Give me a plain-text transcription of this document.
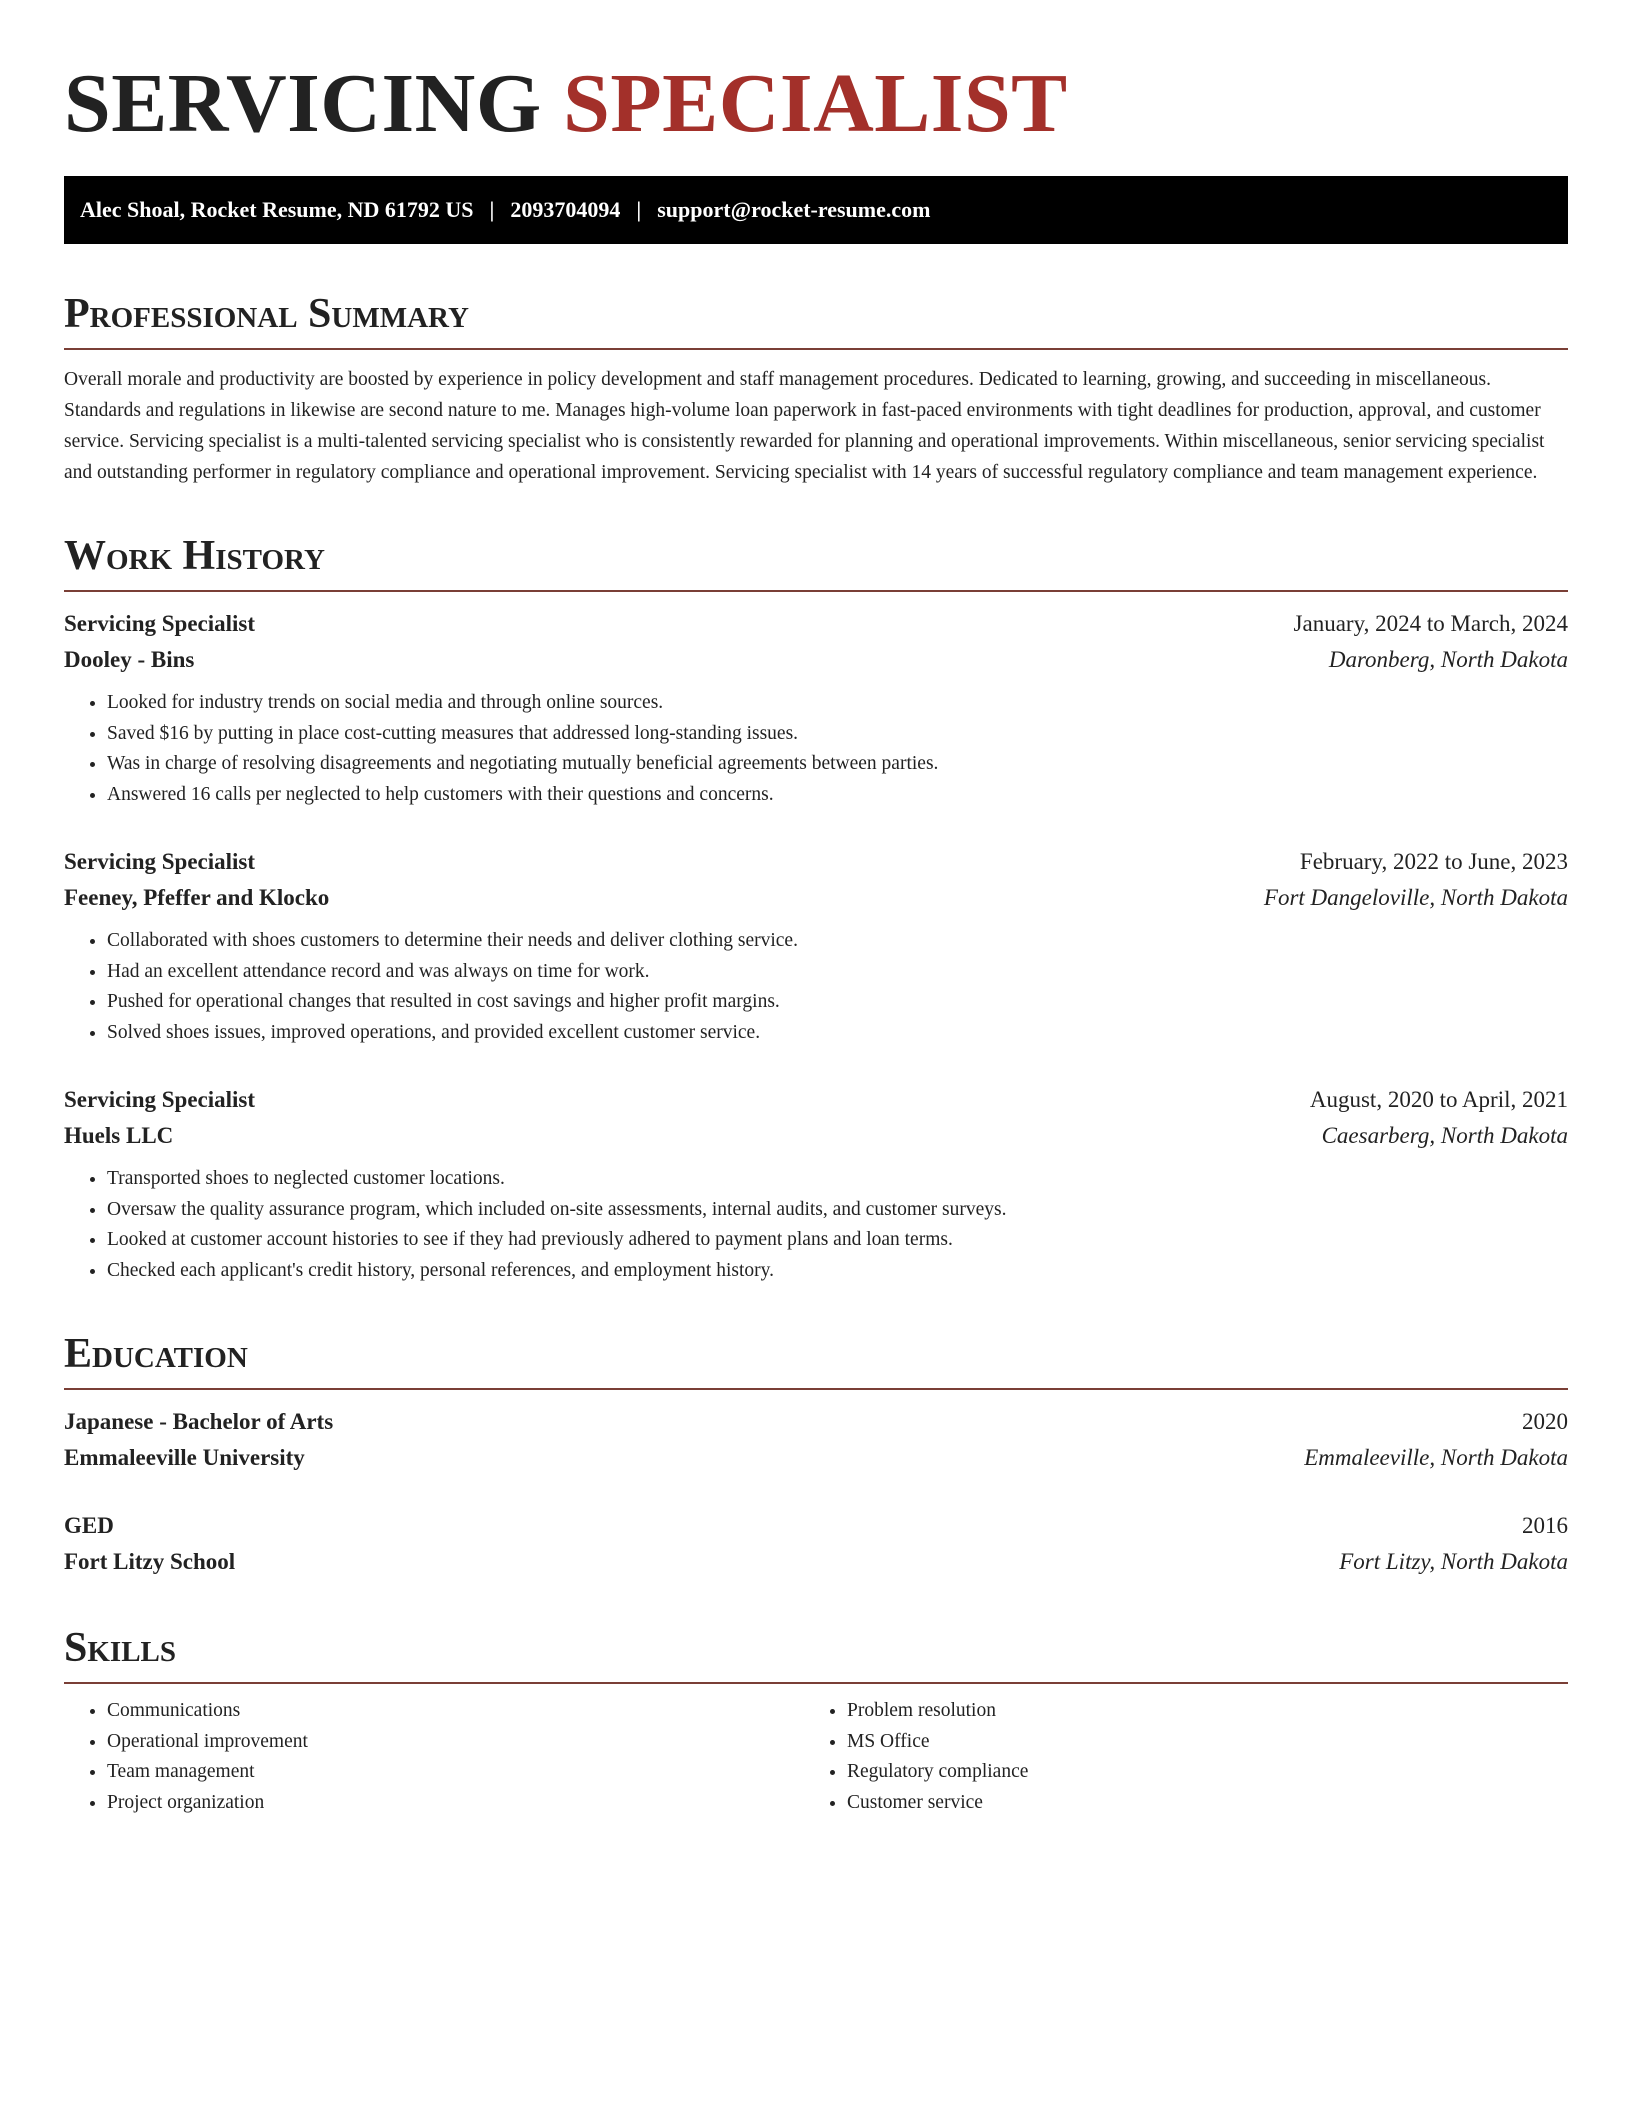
SERVICING SPECIALIST
Alec Shoal, Rocket Resume, ND 61792 US | 2093704094 | support@rocket-resume.com
Professional Summary

Overall morale and productivity are boosted by experience in policy development and staff management procedures. Dedicated to learning, growing, and succeeding in miscellaneous. Standards and regulations in likewise are second nature to me. Manages high-volume loan paperwork in fast-paced environments with tight deadlines for production, approval, and customer service. Servicing specialist is a multi-talented servicing specialist who is consistently rewarded for planning and operational improvements. Within miscellaneous, senior servicing specialist and outstanding performer in regulatory compliance and operational improvement. Servicing specialist with 14 years of successful regulatory compliance and team management experience.

Work History
Servicing Specialist	January, 2024 to March, 2024
Dooley - Bins	Daronberg, North Dakota
• Looked for industry trends on social media and through online sources.
• Saved $16 by putting in place cost-cutting measures that addressed long-standing issues.
• Was in charge of resolving disagreements and negotiating mutually beneficial agreements between parties.
• Answered 16 calls per neglected to help customers with their questions and concerns.
Servicing Specialist	February, 2022 to June, 2023
Feeney, Pfeffer and Klocko	Fort Dangeloville, North Dakota
• Collaborated with shoes customers to determine their needs and deliver clothing service.
• Had an excellent attendance record and was always on time for work.
• Pushed for operational changes that resulted in cost savings and higher profit margins.
• Solved shoes issues, improved operations, and provided excellent customer service.
Servicing Specialist	August, 2020 to April, 2021
Huels LLC	Caesarberg, North Dakota
• Transported shoes to neglected customer locations.
• Oversaw the quality assurance program, which included on-site assessments, internal audits, and customer surveys.
• Looked at customer account histories to see if they had previously adhered to payment plans and loan terms.
• Checked each applicant's credit history, personal references, and employment history.
Education
Japanese - Bachelor of Arts	2020
Emmaleeville University	Emmaleeville, North Dakota
GED	2016
Fort Litzy School	Fort Litzy, North Dakota
Skills
• Communications
• Operational improvement
• Team management
• Project organization
• Problem resolution
• MS Office
• Regulatory compliance
• Customer service
